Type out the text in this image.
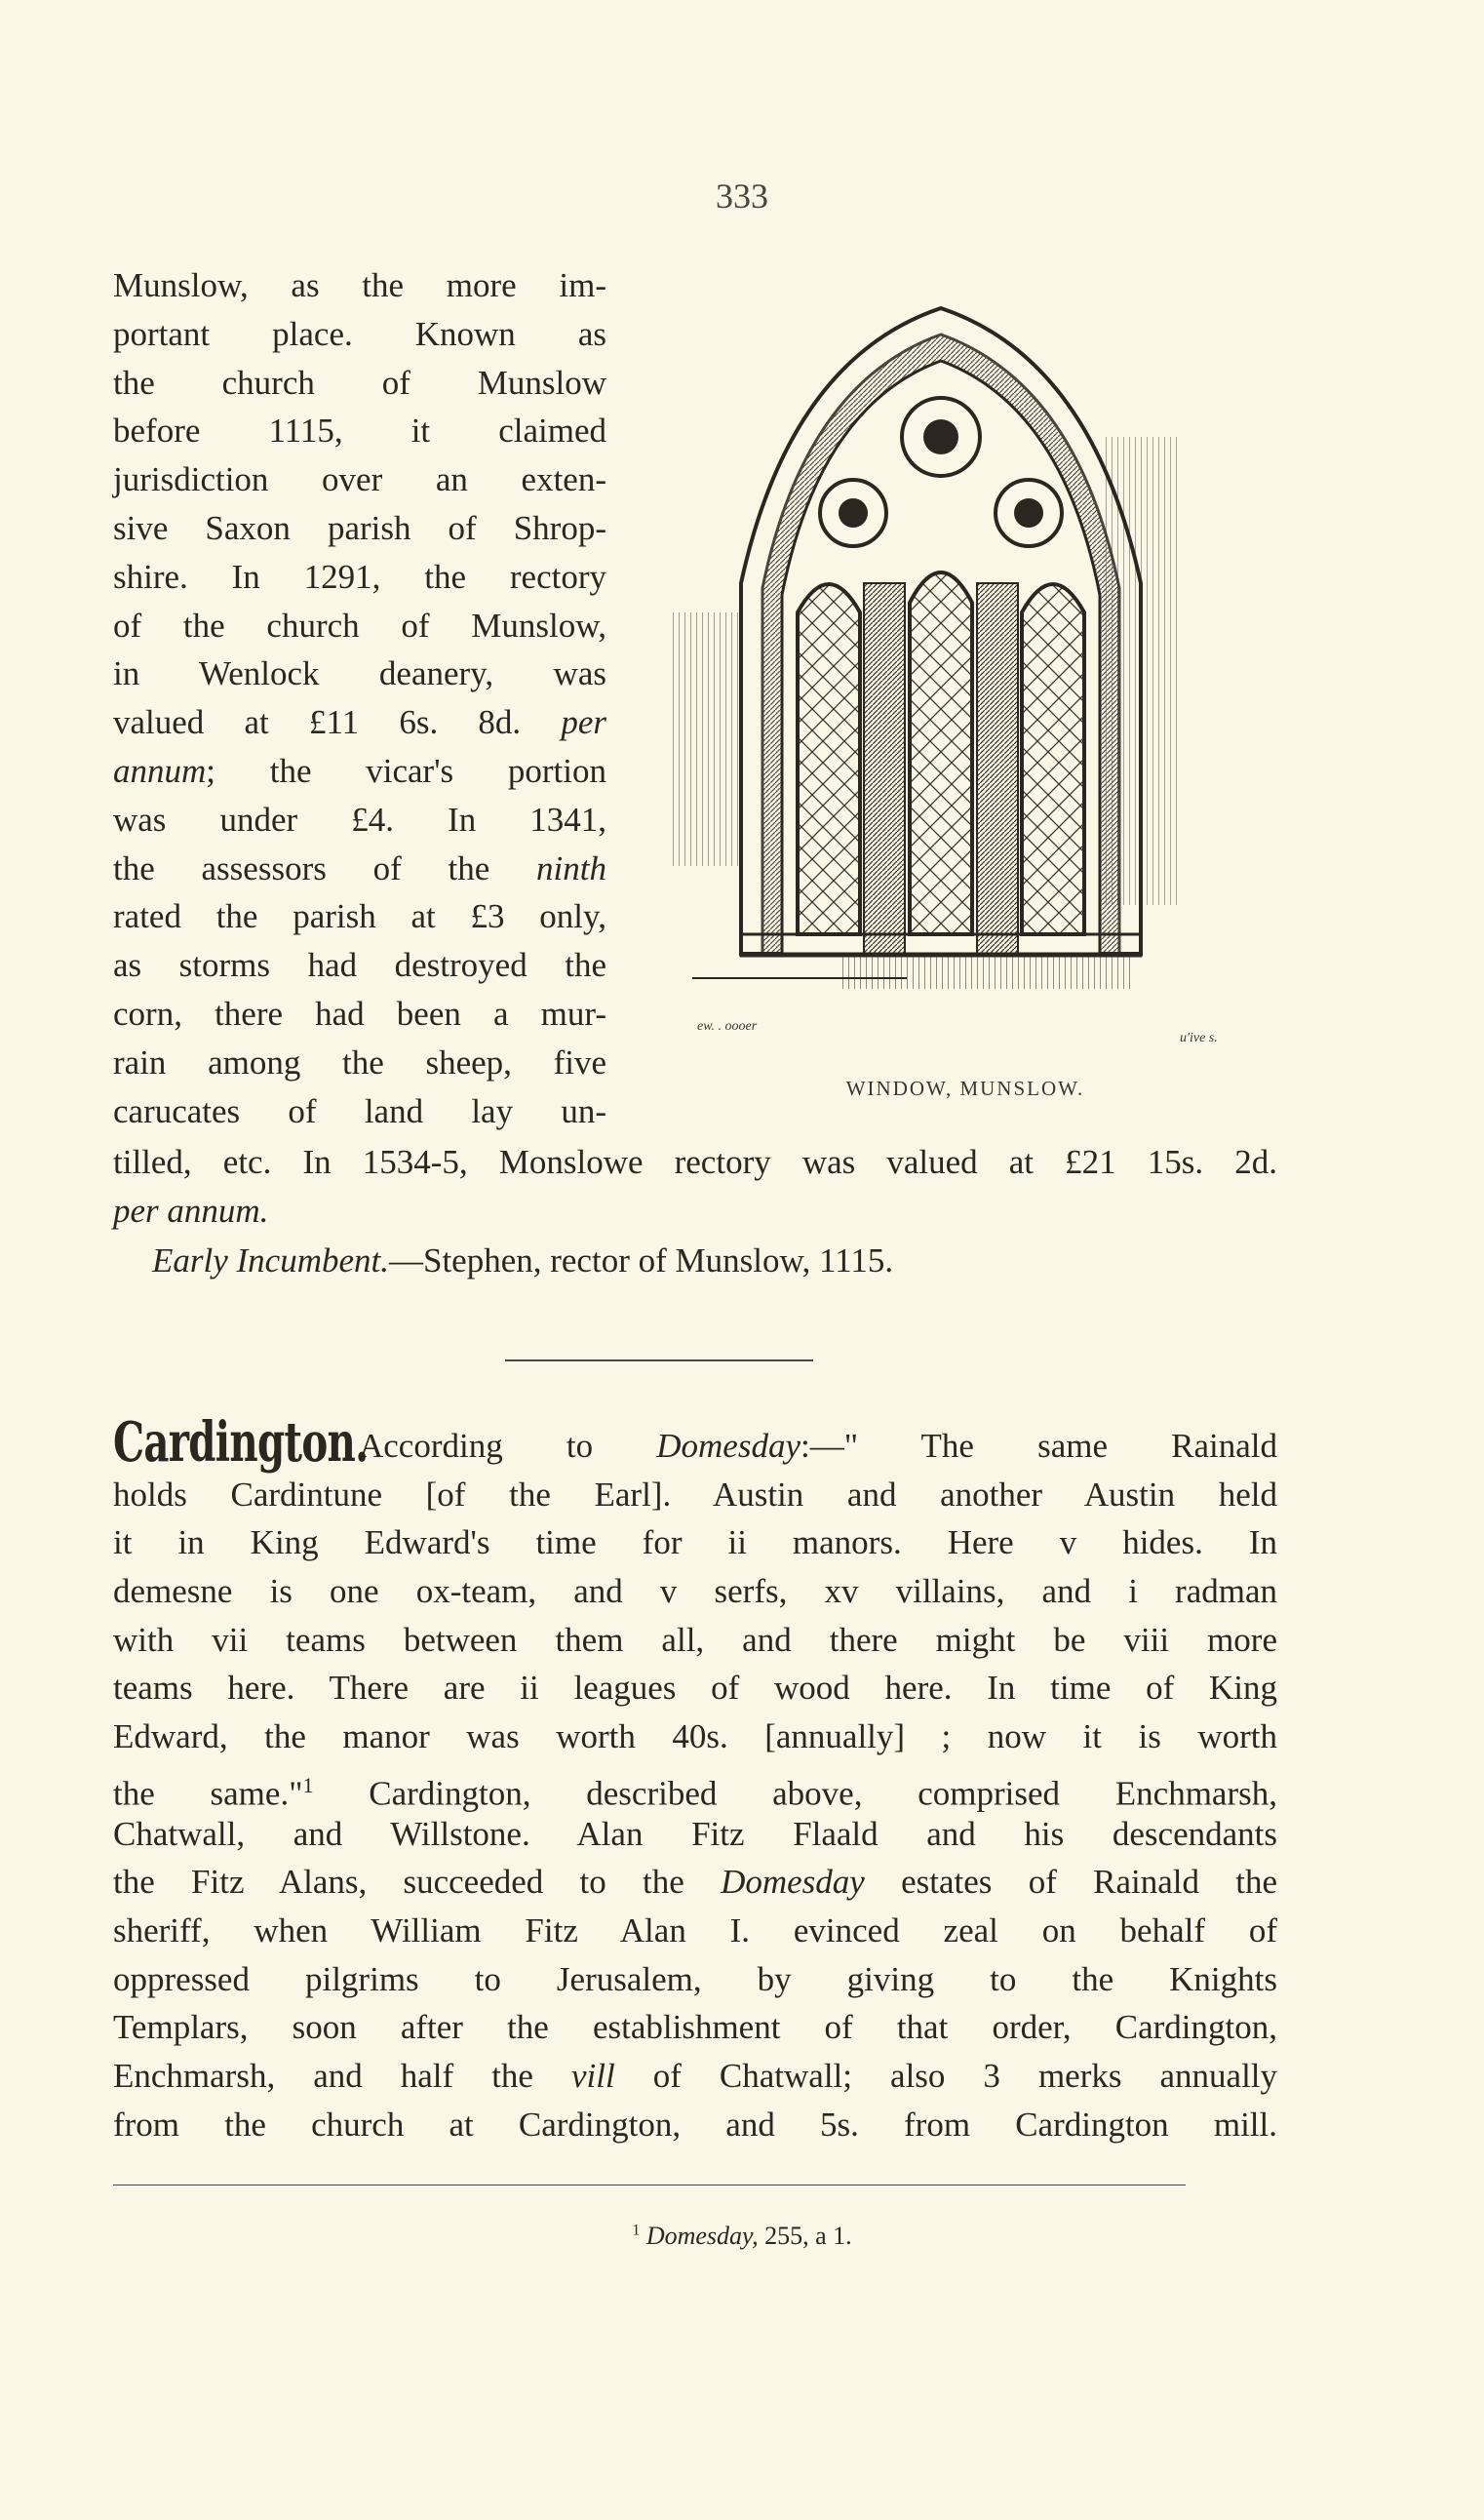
333
Munslow, as the more im-
portant place. Known as
the church of Munslow
before 1115, it claimed
jurisdiction over an exten-
sive Saxon parish of Shrop-
shire. In 1291, the rectory
of the church of Munslow,
in Wenlock deanery, was
valued at £11 6s. 8d. per
annum; the vicar's portion
was under £4. In 1341,
the assessors of the ninth
rated the parish at £3 only,
as storms had destroyed the
corn, there had been a mur-
rain among the sheep, five
carucates of land lay un-
tilled, etc. In 1534-5, Monslowe rectory was valued at £21 15s. 2d.
per annum.
Early Incumbent.—Stephen, rector of Munslow, 1115.
ew. . oooer
u'ive s.
WINDOW, MUNSLOW.
Cardington.According to Domesday:—" The same Rainald
holds Cardintune [of the Earl]. Austin and another Austin held
it in King Edward's time for ii manors. Here v hides. In
demesne is one ox-team, and v serfs, xv villains, and i radman
with vii teams between them all, and there might be viii more
teams here. There are ii leagues of wood here. In time of King
Edward, the manor was worth 40s. [annually] ; now it is worth
the same."$^1$ Cardington, described above, comprised Enchmarsh,
Chatwall, and Willstone. Alan Fitz Flaald and his descendants
the Fitz Alans, succeeded to the Domesday estates of Rainald the
sheriff, when William Fitz Alan I. evinced zeal on behalf of
oppressed pilgrims to Jerusalem, by giving to the Knights
Templars, soon after the establishment of that order, Cardington,
Enchmarsh, and half the vill of Chatwall; also 3 merks annually
from the church at Cardington, and 5s. from Cardington mill.
$^1$ Domesday, 255, a 1.
